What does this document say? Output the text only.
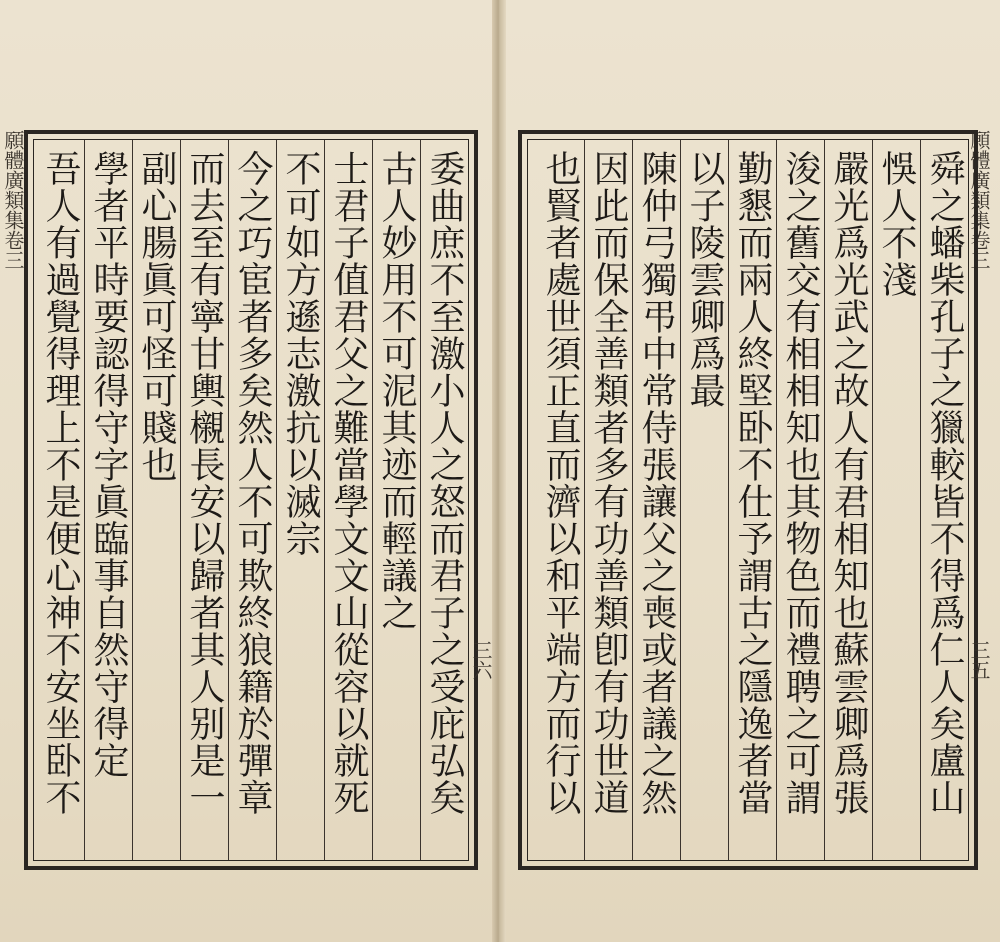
願體廣類集卷三	願體廣類集卷三
委曲庶不至激小人之怒而君子之受庇弘矣
古人妙用不可泥其迹而輕議之
士君子值君父之難當學文文山從容以就死
不可如方遜志激抗以滅宗
今之巧宦者多矣然人不可欺終狼籍於彈章
而去至有寧甘輿櫬長安以歸者其人别是一
副心腸眞可怪可賤也
學者平時要認得守字眞臨事自然守得定
吾人有過覺得理上不是便心神不安坐卧不	舜之蟠柴孔子之獵較皆不得爲仁人矣盧山
悞人不淺
嚴光爲光武之故人有君相知也蘇雲卿爲張
浚之舊交有相相知也其物色而禮聘之可謂
勤懇而兩人終堅卧不仕予謂古之隱逸者當
以子陵雲卿爲最
陳仲弓獨弔中常侍張讓父之喪或者議之然
因此而保全善類者多有功善類卽有功世道
也賢者處世須正直而濟以和平端方而行以
三六	三五
